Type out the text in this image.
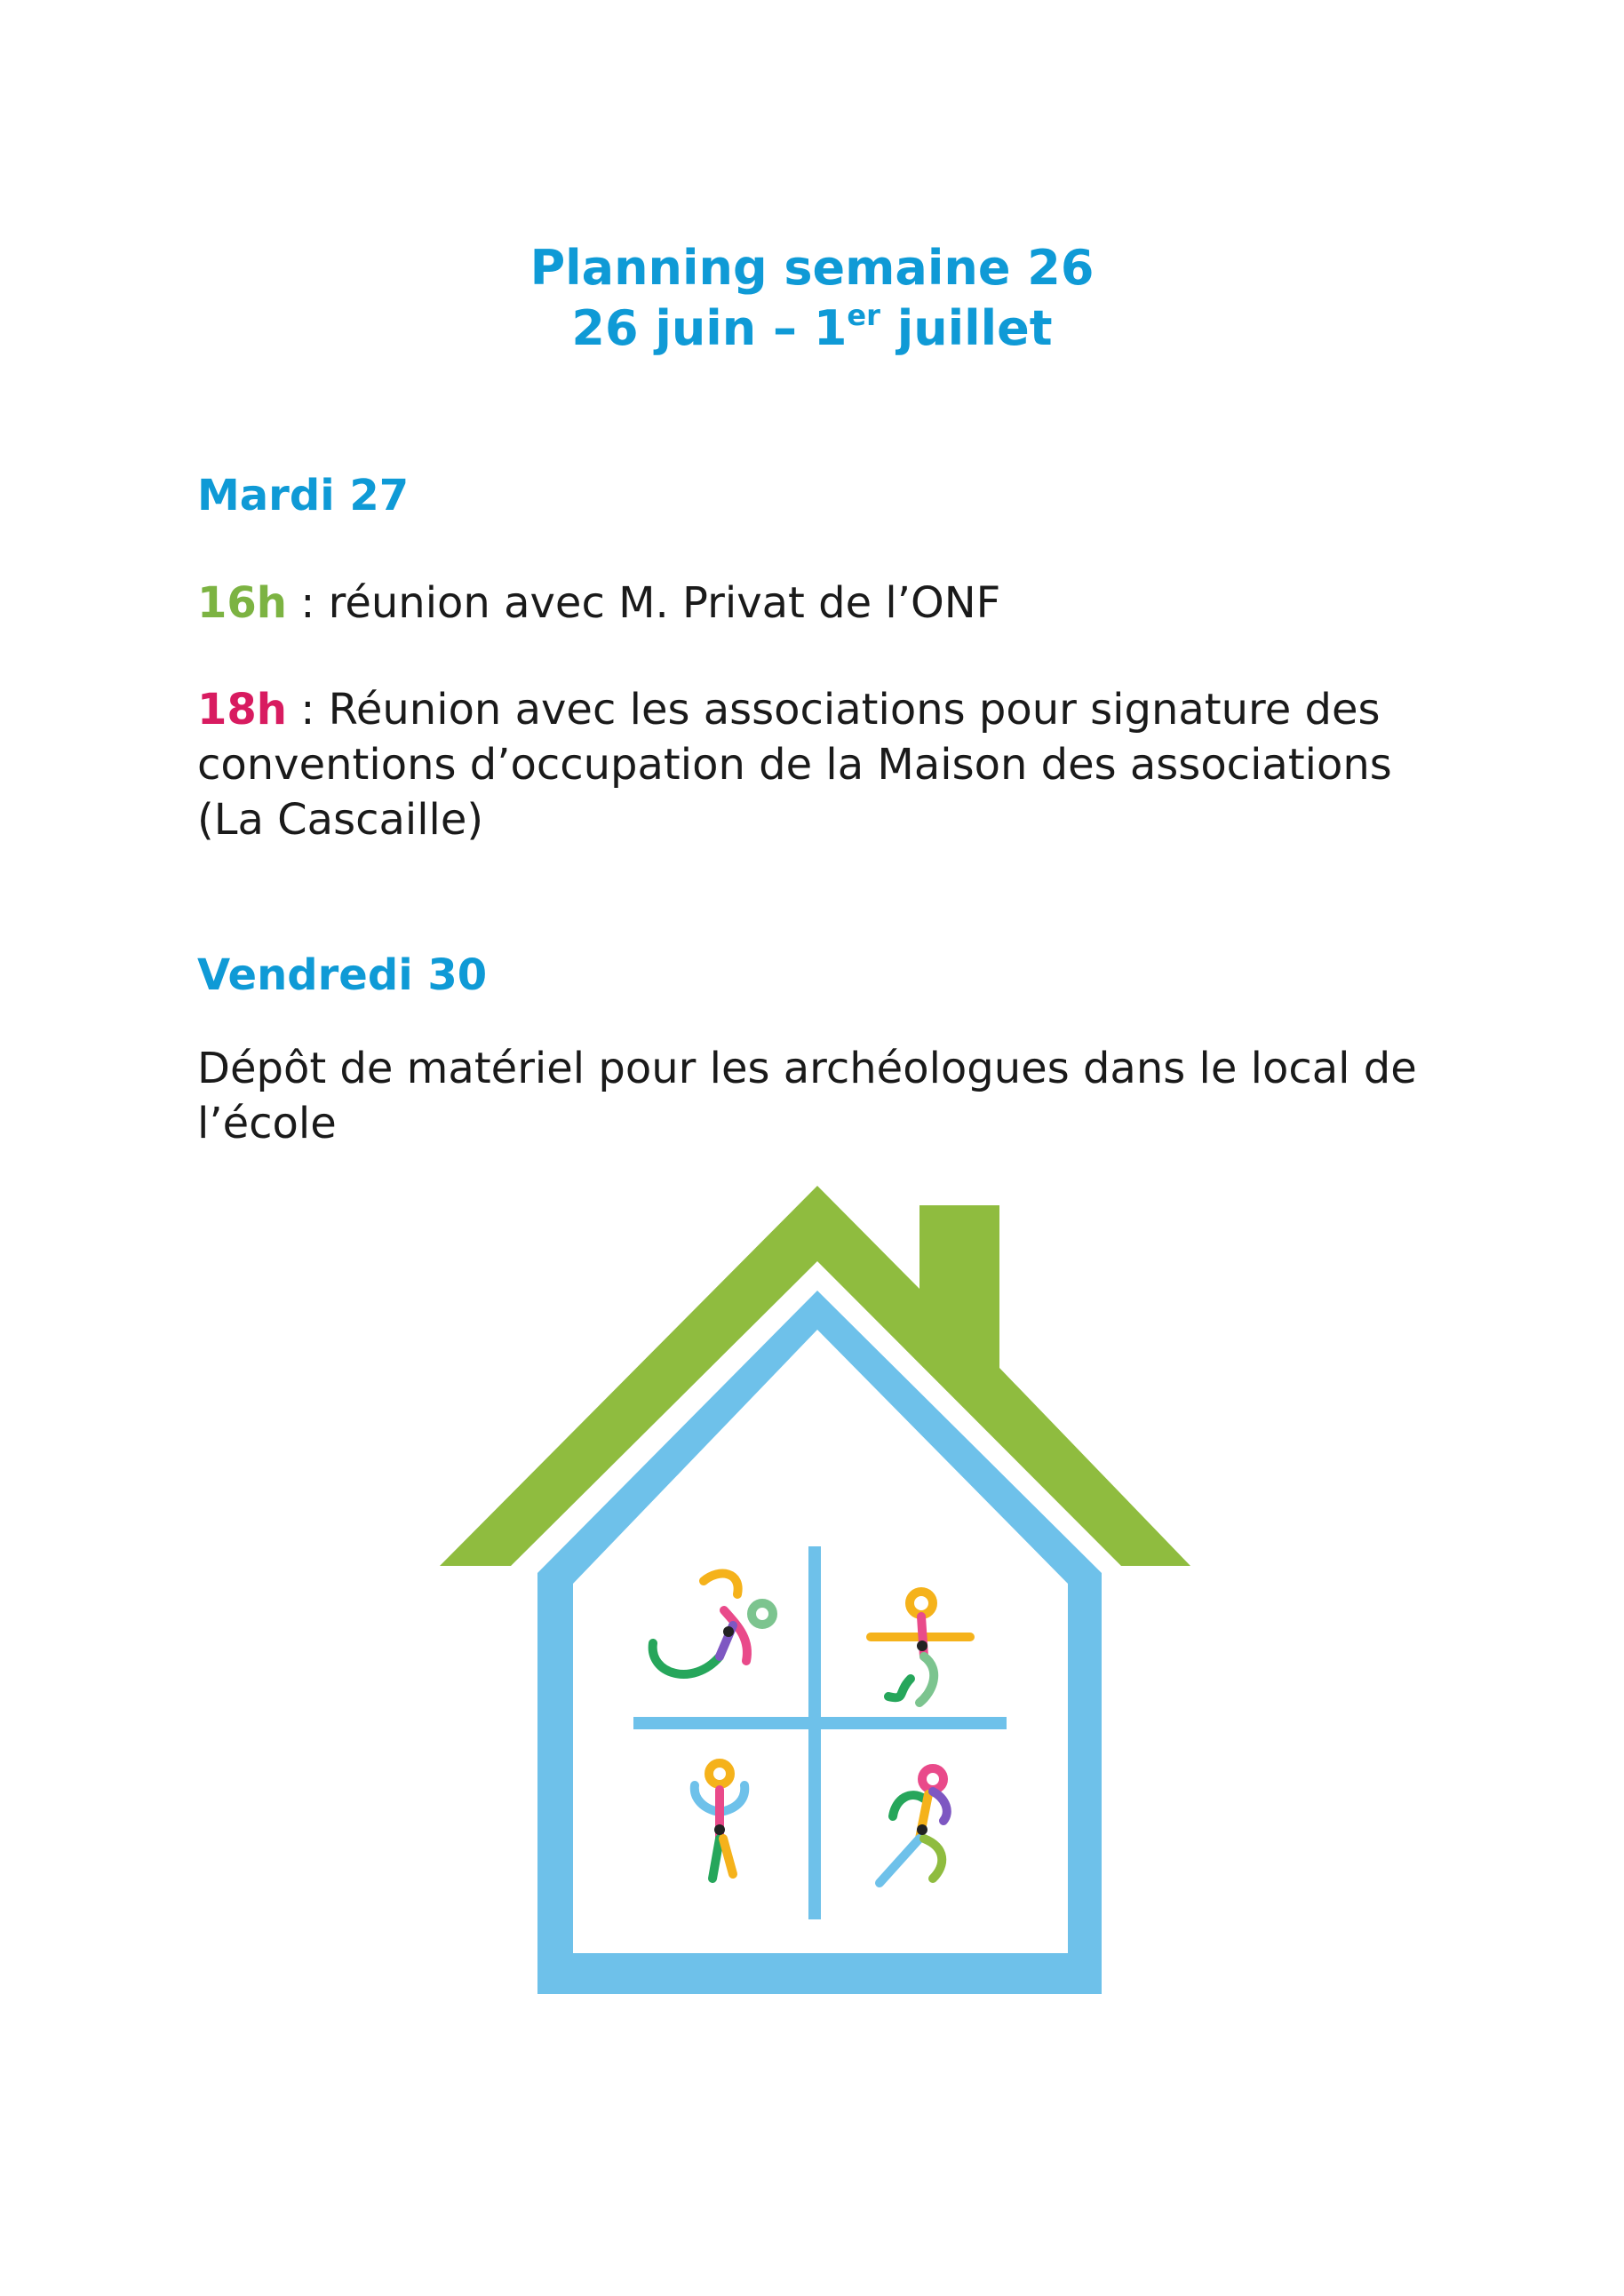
Planning semaine 26
26 juin – 1er juillet
Mardi 27

16h : réunion avec M. Privat de l’ONF

18h : Réunion avec les associations pour signature des conventions d’occupation de la Maison des associations (La Cascaille)

Vendredi 30

Dépôt de matériel pour les archéologues dans le local de l’école
